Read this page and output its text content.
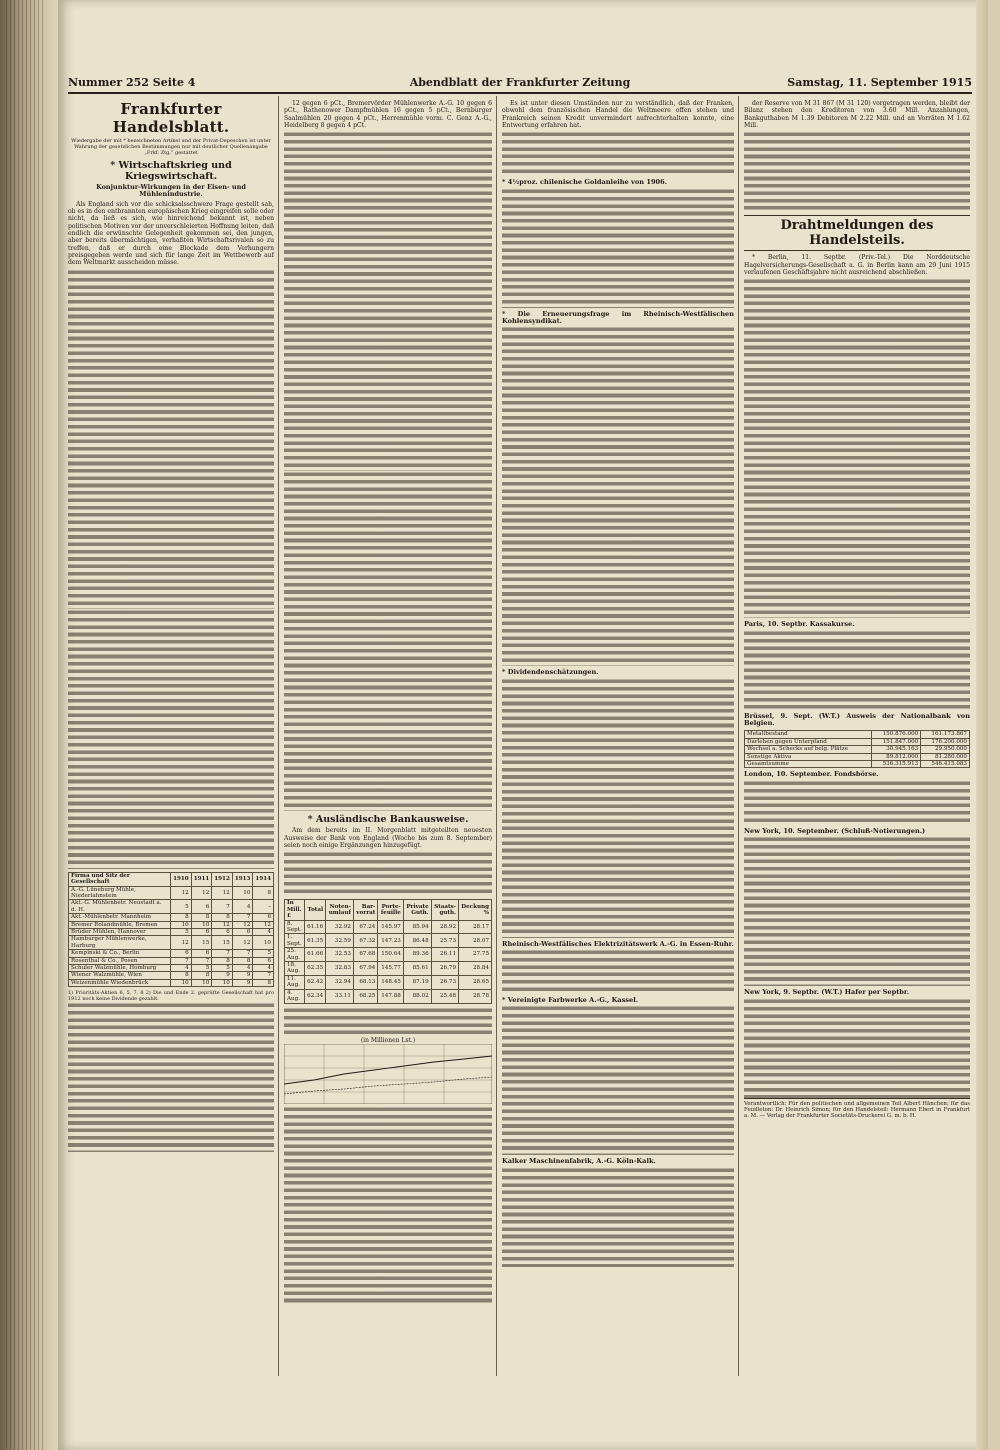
Nummer 252 Seite 4	Abendblatt der Frankfurter Zeitung	Samstag, 11. September 1915
Frankfurter Handelsblatt.
Wiedergabe der mit * bezeichneten Artikel und der Privat-Depeschen ist unter Wahrung der gesetzlichen Bestimmungen nur mit deutlicher Quellenangabe „Frkf. Ztg.“ gestattet
* Wirtschaftskrieg und Kriegswirtschaft.
Konjunktur-Wirkungen in der Eisen- und Mühlenindustrie.

Als England sich vor die schicksalsschwere Frage gestellt sah, ob es in den entbrannten europäischen Krieg eingreifen solle oder nicht, da ließ es sich, wie hinreichend bekannt ist, neben politischen Motiven vor der unverschleierten Hoffnung leiten, daß endlich die erwünschte Gelegenheit gekommen sei, den jungen, aber bereits übermächtigen, verhaßten Wirtschaftsrivalen so zu treffen, daß er durch eine Blockade dem Verhungern preisgegeben werde und sich für lange Zeit im Wettbewerb auf dem Weltmarkt ausscheiden müsse.

Firma und Sitz der Gesellschaft	1910	1911	1912	1913	1914
A.-G. Lüneburg Mühle, Niederlahnstein	12	12	12	10	8
Akt.-G. Mühlenbetr. Neustadt a. d. H.	5	6	7	4	–
Akt.-Mühlenbetr. Mannheim	8	8	8	7	6
Bremer Rolandmühle, Bremen	10	10	12	12	12
Brüder Mühlen, Hannover	5	6	6	6	4
Hamburger Mühlenwerke, Harburg	12	15	15	12	10
Kempinski & Co., Berlin	6	6	7	7	5
Rosenthal & Co., Posen	7	7	8	8	6
Schuler Walzmühle, Homburg	4	5	5	4	4
Wiener Walzmühle, Wien	8	8	9	9	7
Weizenmühle Wiedenbrück	10	10	10	9	8
1) Prioritäts-Aktien 6, 5, 7, 8 2) Die und Ende 2. geprüfte Gesellschaft hat pro 1912 noch keine Dividende gezahlt.

12 gegen 6 pCt., Bremervörder Mühlenwerke A.-G. 10 gegen 6 pCt., Rathenower Dampfmühlen 16 gegen 5 pCt., Bernburger Saalmühlen 20 gegen 4 pCt., Herrenmühle vorm. C. Genz A.-G., Heidelberg 8 gegen 4 pCt.

* Ausländische Bankausweise.

Am dem bereits im II. Morgenblatt mitgeteilten neuesten Ausweise der Bank von England (Woche bis zum 8. September) seien noch einige Ergänzungen hinzugefügt.

In Mill. £	Total	Noten-umlauf	Bar-vorrat	Porte-feuille	Private Guth.	Staats-guth.	Deckung %
8. Sept.	61.16	32.92	67.24	145.97	85.94	28.92	28.17
1. Sept.	61.35	32.59	67.32	147.23	86.48	25.73	28.07
25. Aug.	61.66	32.53	67.68	150.64	89.36	26.11	27.75
18. Aug.	62.35	32.83	67.94	145.77	85.61	26.79	28.84
11. Aug.	62.42	32.94	68.13	148.45	87.19	26.73	28.65
4. Aug.	62.34	33.11	68.25	147.88	88.02	25.48	28.78
(in Millionen Lst.)

Es ist unter diesen Umständen nur zu verständlich, daß der Franken, obwohl dem französischen Handel die Weltmeere offen stehen und Frankreich seinen Kredit unvermindert aufrechterhalten konnte, eine Entwertung erfahren hat.

* 4½proz. chilenische Goldanleihe von 1906.
* Die Erneuerungsfrage im Rheinisch-Westfälischen Kohlensyndikat.
* Dividendenschätzungen.
Rheinisch-Westfälisches Elektrizitätswerk A.-G. in Essen-Ruhr.
* Vereinigte Farbwerke A.-G., Kassel.
Kalker Maschinenfabrik, A.-G. Köln-Kalk.

der Reserve von M 31 867 (M 31 120) vorgetragen werden, bleibt der Bilanz stehen den Kreditoren von 3.60 Mill. Anzahlungen, Bankguthaben M 1.39 Debitoren M 2.22 Mill. und an Vorräten M 1.62 Mill.

Drahtmeldungen des Handelsteils.

* Berlin, 11. Septbr. (Priv.-Tel.) Die Norddeutsche Hagelversicherungs-Gesellschaft a. G. in Berlin kann am 29 Juni 1915 verlaufenen Geschäftsjahre nicht ausreichend abschließen.

Paris, 10. Septbr. Kassakurse.
Brüssel, 9. Sept. (W.T.) Ausweis der Nationalbank von Belgien.
Metallbestand	150.876.000	161.173.867
Darlehen gegen Unterpfand	151.847.000	176.200.000
Wechsel a. Schecks auf belg. Plätze	30.945.163	29.950.000
Sonstige Aktiva	89.812.000	81.280.000
Gesamtsumme	536.315.913	546.415.083
London, 10. September. Fondsbörse.
New York, 10. September. (Schluß-Notierungen.)
New York, 9. Septbr. (W.T.) Hafer per Septbr.
Verantwortlich: Für den politischen und allgemeinen Teil Albert Hänchen; für das Feuilleton: Dr. Heinrich Simon; für den Handelsteil: Hermann Ebert in Frankfurt a. M. — Verlag der Frankfurter Societäts-Druckerei G. m. b. H.
